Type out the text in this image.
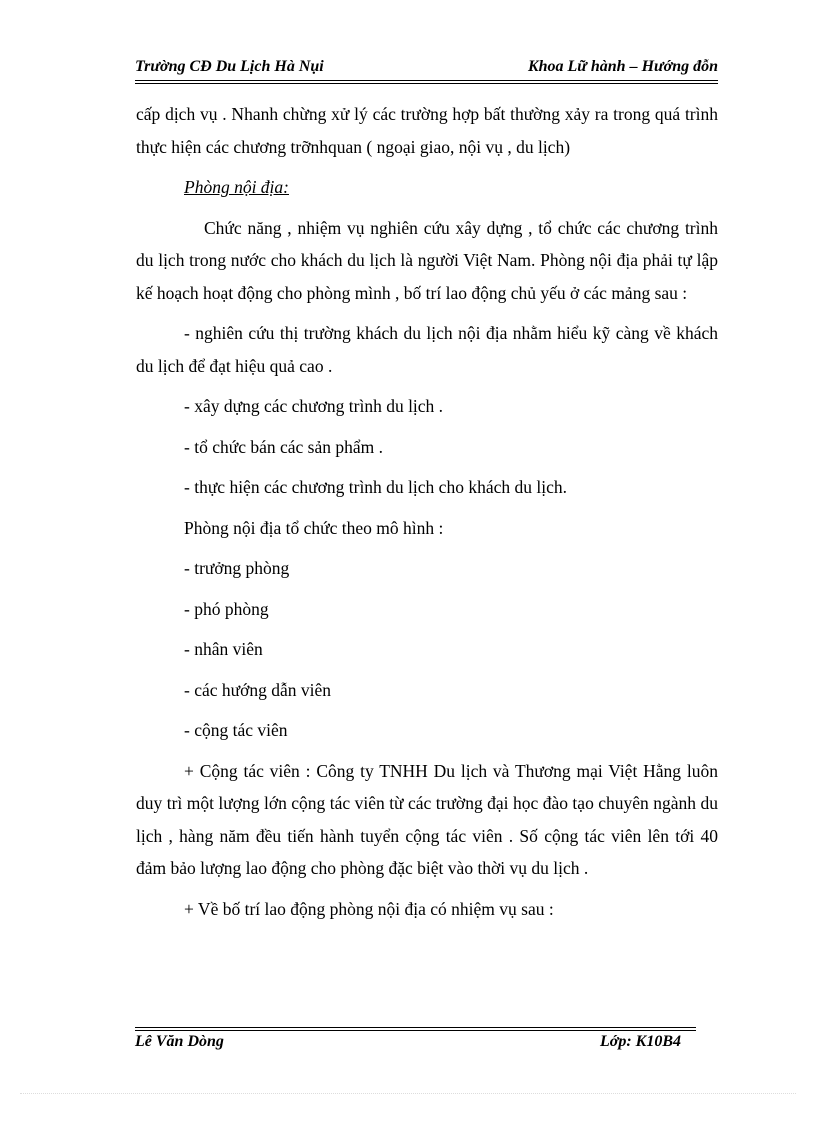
Trường CĐ Du Lịch Hà Nụi	Khoa Lữ hành – Hướng đỗn

cấp dịch vụ . Nhanh chừng xử lý các trường hợp bất thường xảy ra trong quá trình thực hiện các chương trỡnhquan ( ngoại giao, nội vụ , du lịch)

Phòng nội địa:

Chức năng , nhiệm vụ nghiên cứu xây dựng , tổ chức các chương trình du lịch trong nước cho khách du lịch là người Việt Nam. Phòng nội địa phải tự lập kế hoạch hoạt động cho phòng mình , bố trí lao động chủ yếu ở các mảng sau :

- nghiên cứu thị trường khách du lịch nội địa nhằm hiểu kỹ càng về khách du lịch để đạt hiệu quả cao .

- xây dựng các chương trình du lịch .

- tổ chức bán các sản phẩm .

- thực hiện các chương trình du lịch cho khách du lịch.

Phòng nội địa tổ chức theo mô hình :

- trưởng phòng

- phó phòng

- nhân viên

- các hướng dẫn viên

- cộng tác viên

+ Cộng tác viên : Công ty TNHH Du lịch và Thương mại Việt Hằng luôn duy trì một lượng lớn cộng tác viên từ các trường đại học đào tạo chuyên ngành du lịch , hàng năm đều tiến hành tuyển cộng tác viên . Số cộng tác viên lên tới 40 đảm bảo lượng lao động cho phòng đặc biệt vào thời vụ du lịch .

+ Về bố trí lao động phòng nội địa có nhiệm vụ sau :

Lê Văn Dòng	Lớp: K10B4
